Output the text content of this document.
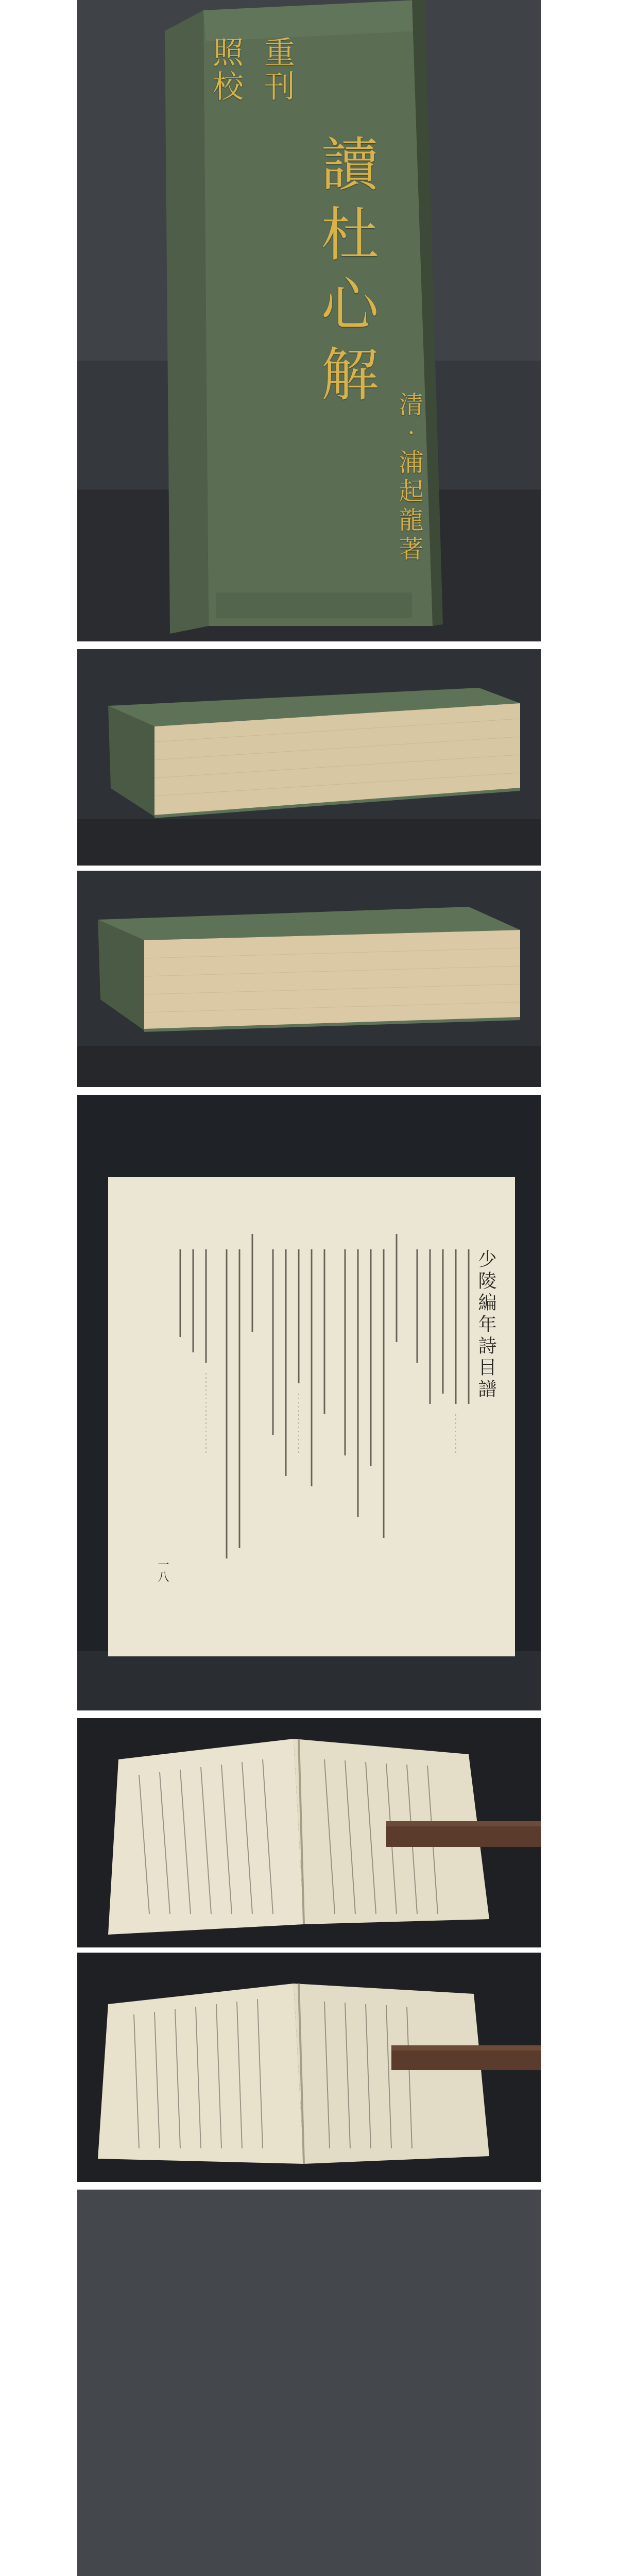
照校 重刊
讀杜心解
清‧浦起龍著
少陵編年詩目譜
一八
